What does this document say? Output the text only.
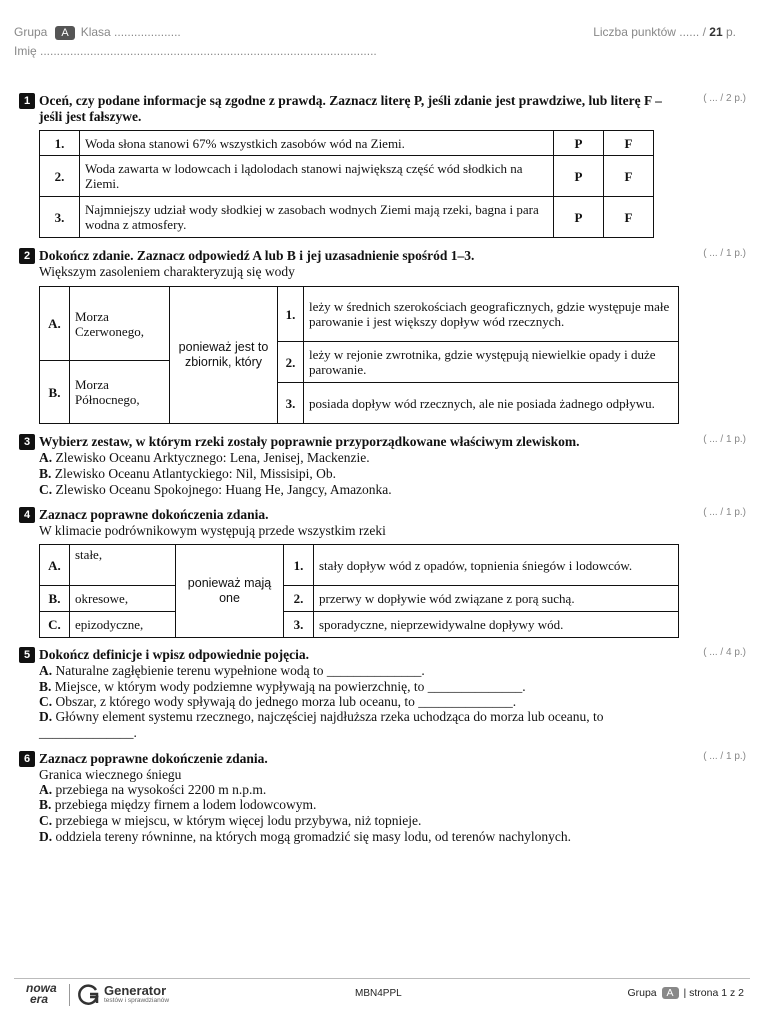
Grupa A Klasa ....................	Liczba punktów ...... / 21 p.
Imię .....................................................................................................
1 Oceń, czy podane informacje są zgodne z prawdą. Zaznacz literę P, jeśli zdanie jest prawdziwe, lub literę F – jeśli jest fałszywe.
( ... / 2 p.)
1.	Woda słona stanowi 67% wszystkich zasobów wód na Ziemi.	P	F
2.	Woda zawarta w lodowcach i lądolodach stanowi największą część wód słodkich na Ziemi.	P	F
3.	Najmniejszy udział wody słodkiej w zasobach wodnych Ziemi mają rzeki, bagna i para wodna z atmosfery.	P	F
2 Dokończ zdanie. Zaznacz odpowiedź A lub B i jej uzasadnienie spośród 1–3.	( ... / 1 p.)
Większym zasoleniem charakteryzują się wody
A.	Morza Czerwonego,	ponieważ jest to zbiornik, który	1.	leży w średnich szerokościach geograficznych, gdzie występuje małe parowanie i jest większy dopływ wód rzecznych.
			2.	leży w rejonie zwrotnika, gdzie występują niewielkie opady i duże parowanie.
B.	Morza Północnego,			
			3.	posiada dopływ wód rzecznych, ale nie posiada żadnego odpływu.
3 Wybierz zestaw, w którym rzeki zostały poprawnie przyporządkowane właściwym zlewiskom.	( ... / 1 p.)
A. Zlewisko Oceanu Arktycznego: Lena, Jenisej, Mackenzie.
B. Zlewisko Oceanu Atlantyckiego: Nil, Missisipi, Ob.
C. Zlewisko Oceanu Spokojnego: Huang He, Jangcy, Amazonka.
4 Zaznacz poprawne dokończenia zdania.	( ... / 1 p.)
W klimacie podrównikowym występują przede wszystkim rzeki
A.	stałe,	ponieważ mają one	1.	stały dopływ wód z opadów, topnienia śniegów i lodowców.
B.	okresowe,		2.	przerwy w dopływie wód związane z porą suchą.
C.	epizodyczne,		3.	sporadyczne, nieprzewidywalne dopływy wód.
5 Dokończ definicje i wpisz odpowiednie pojęcia.	( ... / 4 p.)
A. Naturalne zagłębienie terenu wypełnione wodą to ______________.
B. Miejsce, w którym wody podziemne wypływają na powierzchnię, to ______________.
C. Obszar, z którego wody spływają do jednego morza lub oceanu, to ______________.
D. Główny element systemu rzecznego, najczęściej najdłuższa rzeka uchodząca do morza lub oceanu, to
______________.
6 Zaznacz poprawne dokończenie zdania.	( ... / 1 p.)
Granica wiecznego śniegu
A. przebiega na wysokości 2200 m n.p.m.
B. przebiega między firnem a lodem lodowcowym.
C. przebiega w miejscu, w którym więcej lodu przybywa, niż topnieje.
D. oddziela tereny równinne, na których mogą gromadzić się masy lodu, od terenów nachylonych.
nowa
era
Generator
testów i sprawdzianów
MBN4PPL	Grupa A | strona 1 z 2
